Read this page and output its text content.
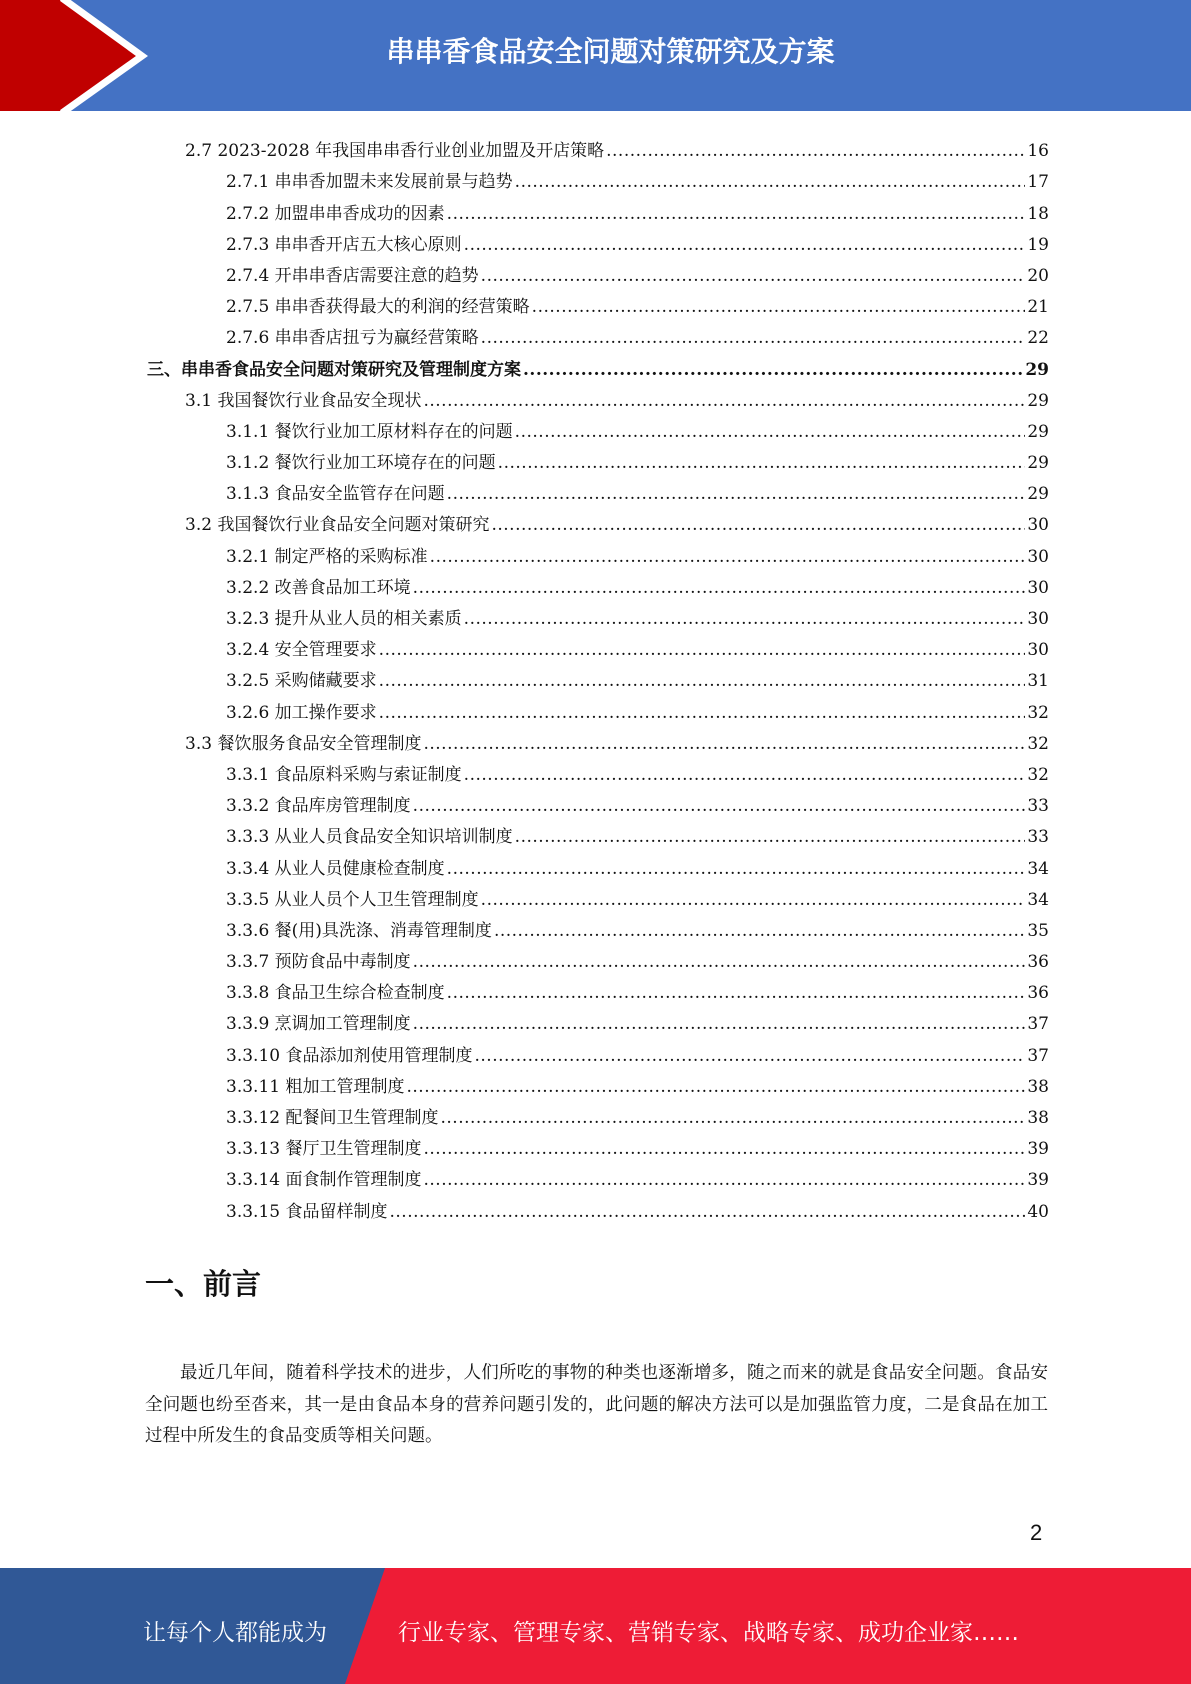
串串香食品安全问题对策研究及方案
2.7 2023-2028 年我国串串香行业创业加盟及开店策略 .....	16
2.7.1 串串香加盟未来发展前景与趋势 .....	17
2.7.2 加盟串串香成功的因素 .....	18
2.7.3 串串香开店五大核心原则 .....	19
2.7.4 开串串香店需要注意的趋势 .....	20
2.7.5 串串香获得最大的利润的经营策略 .....	21
2.7.6 串串香店扭亏为赢经营策略 .....	22
三、串串香食品安全问题对策研究及管理制度方案 .....	29
3.1 我国餐饮行业食品安全现状 .....	29
3.1.1 餐饮行业加工原材料存在的问题 .....	29
3.1.2 餐饮行业加工环境存在的问题 .....	29
3.1.3 食品安全监管存在问题 .....	29
3.2 我国餐饮行业食品安全问题对策研究 .....	30
3.2.1 制定严格的采购标准 .....	30
3.2.2 改善食品加工环境 .....	30
3.2.3 提升从业人员的相关素质 .....	30
3.2.4 安全管理要求 .....	30
3.2.5 采购储藏要求 .....	31
3.2.6 加工操作要求 .....	32
3.3 餐饮服务食品安全管理制度 .....	32
3.3.1 食品原料采购与索证制度 .....	32
3.3.2 食品库房管理制度 .....	33
3.3.3 从业人员食品安全知识培训制度 .....	33
3.3.4 从业人员健康检查制度 .....	34
3.3.5 从业人员个人卫生管理制度 .....	34
3.3.6 餐(用)具洗涤、消毒管理制度 .....	35
3.3.7 预防食品中毒制度 .....	36
3.3.8 食品卫生综合检查制度 .....	36
3.3.9 烹调加工管理制度 .....	37
3.3.10 食品添加剂使用管理制度 .....	37
3.3.11 粗加工管理制度 .....	38
3.3.12 配餐间卫生管理制度 .....	38
3.3.13 餐厅卫生管理制度 .....	39
3.3.14 面食制作管理制度 .....	39
3.3.15 食品留样制度 .....	40
一、前言
最近几年间，随着科学技术的进步，人们所吃的事物的种类也逐渐增多，随之而来的就是食品安全问题。食品安全问题也纷至沓来，其一是由食品本身的营养问题引发的，此问题的解决方法可以是加强监管力度，二是食品在加工过程中所发生的食品变质等相关问题。
2
让每个人都能成为	行业专家、管理专家、营销专家、战略专家、成功企业家……
